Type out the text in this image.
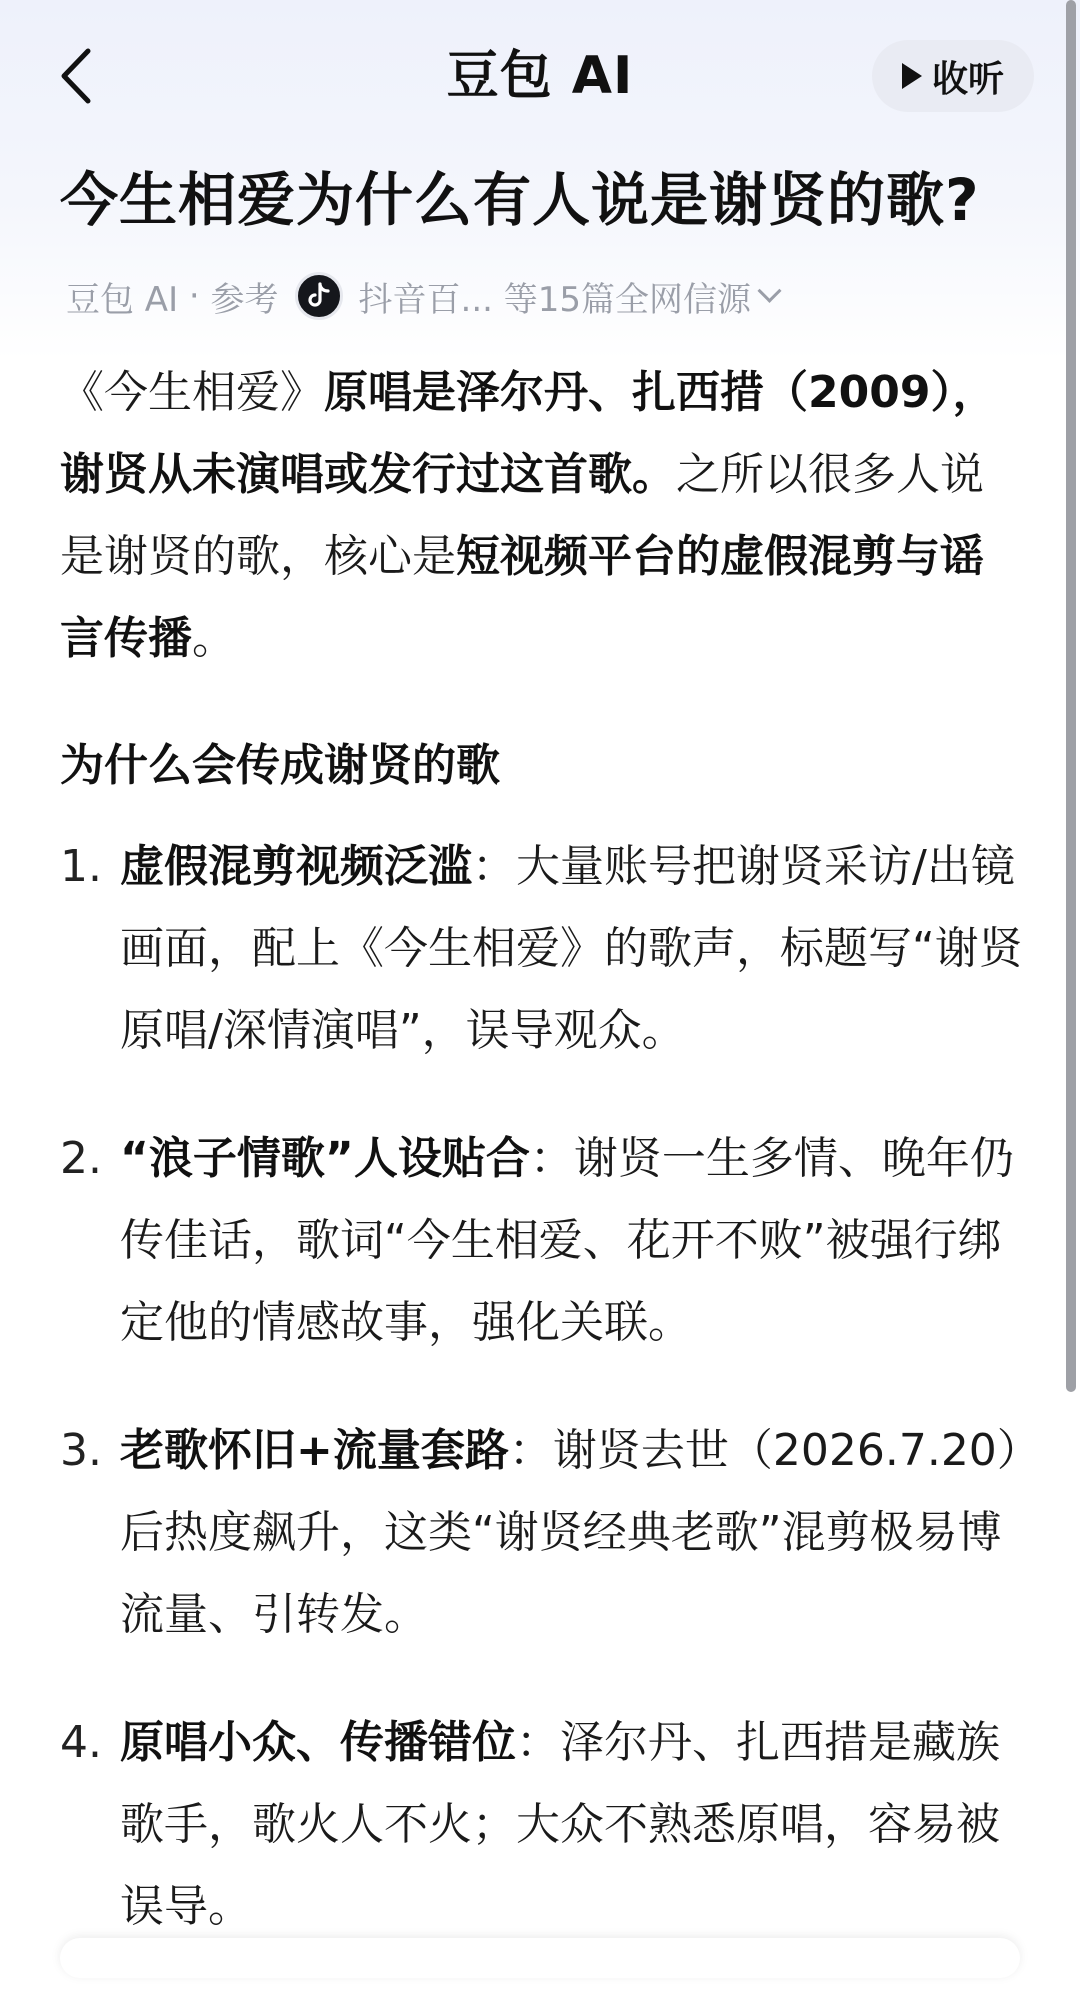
豆包 AI	收听
今生相爱为什么有人说是谢贤的歌?
豆包 AI · 参考 抖音百... 等15篇全网信源

《今生相爱》原唱是泽尔丹、扎西措（2009），谢贤从未演唱或发行过这首歌。之所以很多人说是谢贤的歌，核心是短视频平台的虚假混剪与谣言传播。

为什么会传成谢贤的歌
1. 虚假混剪视频泛滥：大量账号把谢贤采访/出镜画面，配上《今生相爱》的歌声，标题写“谢贤原唱/深情演唱”，误导观众。
2. “浪子情歌”人设贴合：谢贤一生多情、晚年仍传佳话，歌词“今生相爱、花开不败”被强行绑定他的情感故事，强化关联。
3. 老歌怀旧+流量套路：谢贤去世（2026.7.20）后热度飙升，这类“谢贤经典老歌”混剪极易博流量、引转发。
4. 原唱小众、传播错位：泽尔丹、扎西措是藏族歌手，歌火人不火；大众不熟悉原唱，容易被误导。
